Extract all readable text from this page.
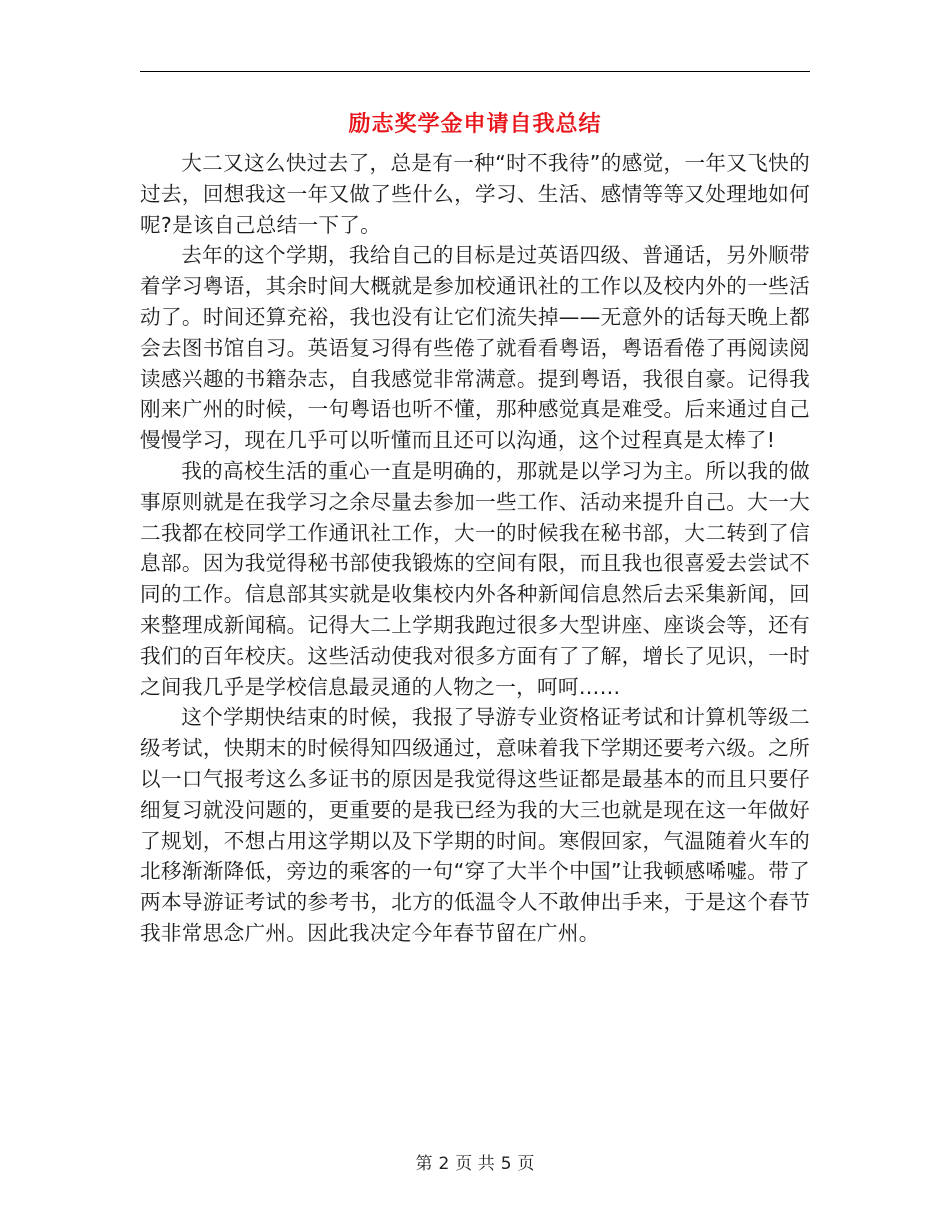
励志奖学金申请自我总结

大二又这么快过去了，总是有一种“时不我待”的感觉，一年又飞快的过去，回想我这一年又做了些什么，学习、生活、感情等等又处理地如何呢?是该自己总结一下了。

去年的这个学期，我给自己的目标是过英语四级、普通话，另外顺带着学习粤语，其余时间大概就是参加校通讯社的工作以及校内外的一些活动了。时间还算充裕，我也没有让它们流失掉——无意外的话每天晚上都会去图书馆自习。英语复习得有些倦了就看看粤语，粤语看倦了再阅读阅读感兴趣的书籍杂志，自我感觉非常满意。提到粤语，我很自豪。记得我刚来广州的时候，一句粤语也听不懂，那种感觉真是难受。后来通过自己慢慢学习，现在几乎可以听懂而且还可以沟通，这个过程真是太棒了!

我的高校生活的重心一直是明确的，那就是以学习为主。所以我的做事原则就是在我学习之余尽量去参加一些工作、活动来提升自己。大一大二我都在校同学工作通讯社工作，大一的时候我在秘书部，大二转到了信息部。因为我觉得秘书部使我锻炼的空间有限，而且我也很喜爱去尝试不同的工作。信息部其实就是收集校内外各种新闻信息然后去采集新闻，回来整理成新闻稿。记得大二上学期我跑过很多大型讲座、座谈会等，还有我们的百年校庆。这些活动使我对很多方面有了了解，增长了见识，一时之间我几乎是学校信息最灵通的人物之一，呵呵……

这个学期快结束的时候，我报了导游专业资格证考试和计算机等级二级考试，快期末的时候得知四级通过，意味着我下学期还要考六级。之所以一口气报考这么多证书的原因是我觉得这些证都是最基本的而且只要仔细复习就没问题的，更重要的是我已经为我的大三也就是现在这一年做好了规划，不想占用这学期以及下学期的时间。寒假回家，气温随着火车的北移渐渐降低，旁边的乘客的一句“穿了大半个中国”让我顿感唏嘘。带了两本导游证考试的参考书，北方的低温令人不敢伸出手来，于是这个春节我非常思念广州。因此我决定今年春节留在广州。

第 2 页 共 5 页
